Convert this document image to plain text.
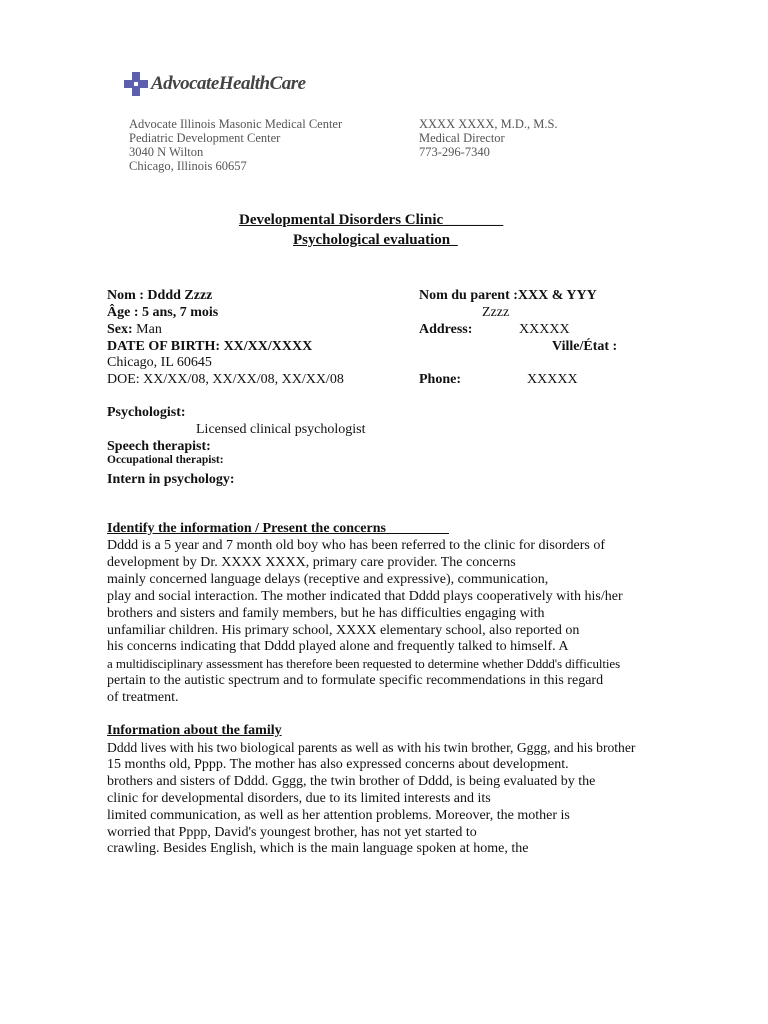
AdvocateHealthCare
Advocate Illinois Masonic Medical Center
Pediatric Development Center
3040 N Wilton
Chicago, Illinois 60657
XXXX XXXX, M.D., M.S.
Medical Director
773-296-7340
Developmental Disorders Clinic________
Psychological evaluation_
Nom : Dddd Zzzz
Âge : 5 ans, 7 mois
Sex: Man
DATE OF BIRTH: XX/XX/XXXX
Chicago, IL 60645
DOE: XX/XX/08, XX/XX/08, XX/XX/08
Nom du parent :XXX & YYY
Zzzz
Address:	XXXXX
Ville/État :
Phone:	XXXXX
Psychologist:
Licensed clinical psychologist
Speech therapist:
Occupational therapist:
Intern in psychology:
Identify the information / Present the concerns_________
Dddd is a 5 year and 7 month old boy who has been referred to the clinic for disorders of
development by Dr. XXXX XXXX, primary care provider. The concerns
mainly concerned language delays (receptive and expressive), communication,
play and social interaction. The mother indicated that Dddd plays cooperatively with his/her
brothers and sisters and family members, but he has difficulties engaging with
unfamiliar children. His primary school, XXXX elementary school, also reported on
his concerns indicating that Dddd played alone and frequently talked to himself. A
a multidisciplinary assessment has therefore been requested to determine whether Dddd's difficulties
pertain to the autistic spectrum and to formulate specific recommendations in this regard
of treatment.
Information about the family
Dddd lives with his two biological parents as well as with his twin brother, Gggg, and his brother
15 months old, Pppp. The mother has also expressed concerns about development.
brothers and sisters of Dddd. Gggg, the twin brother of Dddd, is being evaluated by the
clinic for developmental disorders, due to its limited interests and its
limited communication, as well as her attention problems. Moreover, the mother is
worried that Pppp, David's youngest brother, has not yet started to
crawling. Besides English, which is the main language spoken at home, the
